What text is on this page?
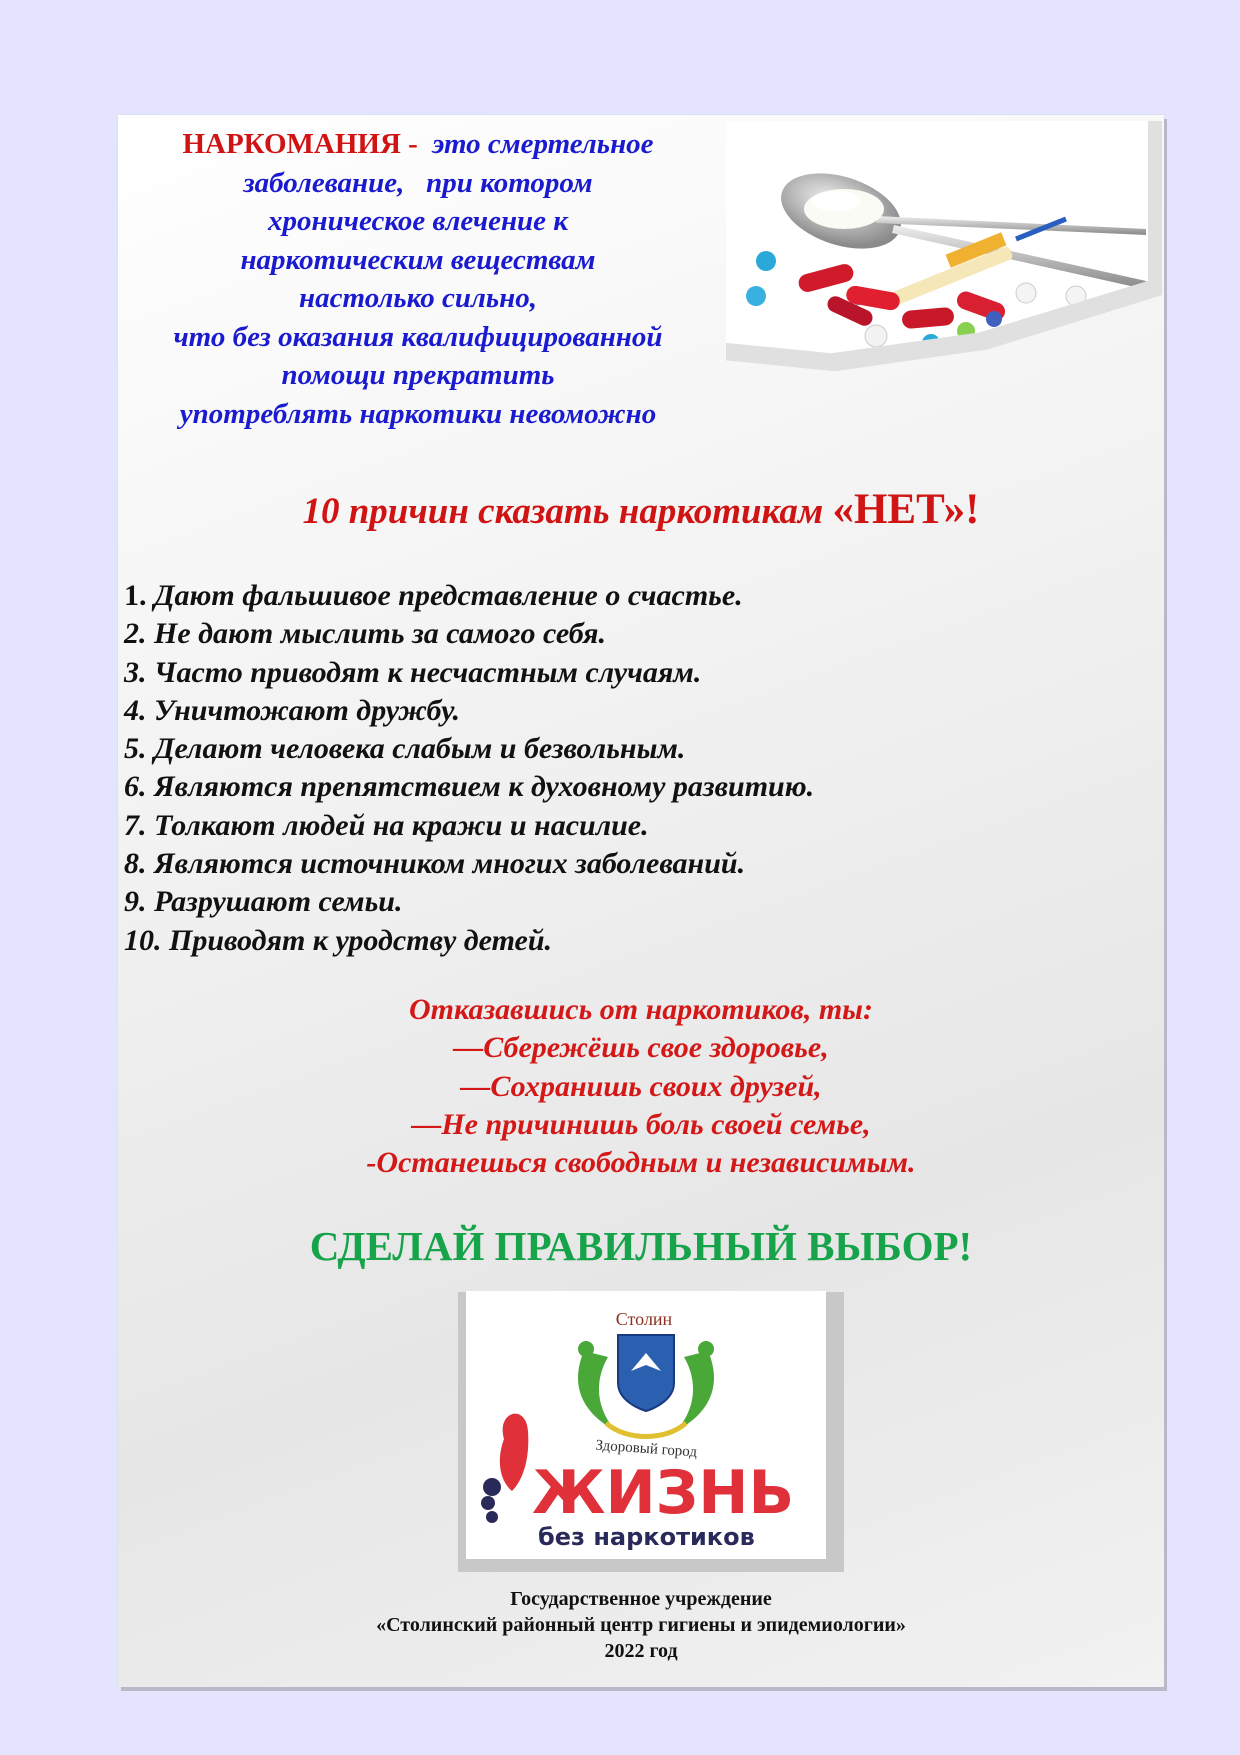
НАРКОМАНИЯ - это смертельное
заболевание,   при котором
хроническое влечение к
наркотическим веществам
настолько сильно,
что без оказания квалифицированной
помощи прекратить
употреблять наркотики невоможно
10 причин сказать наркотикам «НЕТ»!
1. Дают фальшивое представление о счастье.
2. Не дают мыслить за самого себя.
3. Часто приводят к несчастным случаям.
4. Уничтожают дружбу.
5. Делают человека слабым и безвольным.
6. Являются препятствием к духовному развитию.
7. Толкают людей на кражи и насилие.
8. Являются источником многих заболеваний.
9. Разрушают семьи.
10. Приводят к уродству детей.
Отказавшись от наркотиков, ты:
—Сбережёшь свое здоровье,
—Сохранишь своих друзей,
—Не причинишь боль своей семье,
-Останешься свободным и независимым.
СДЕЛАЙ ПРАВИЛЬНЫЙ ВЫБОР!
Столин
Здоровый город
ЖИЗНЬ
без наркотиков
Государственное учреждение
«Столинский районный центр гигиены и эпидемиологии»
2022 год
